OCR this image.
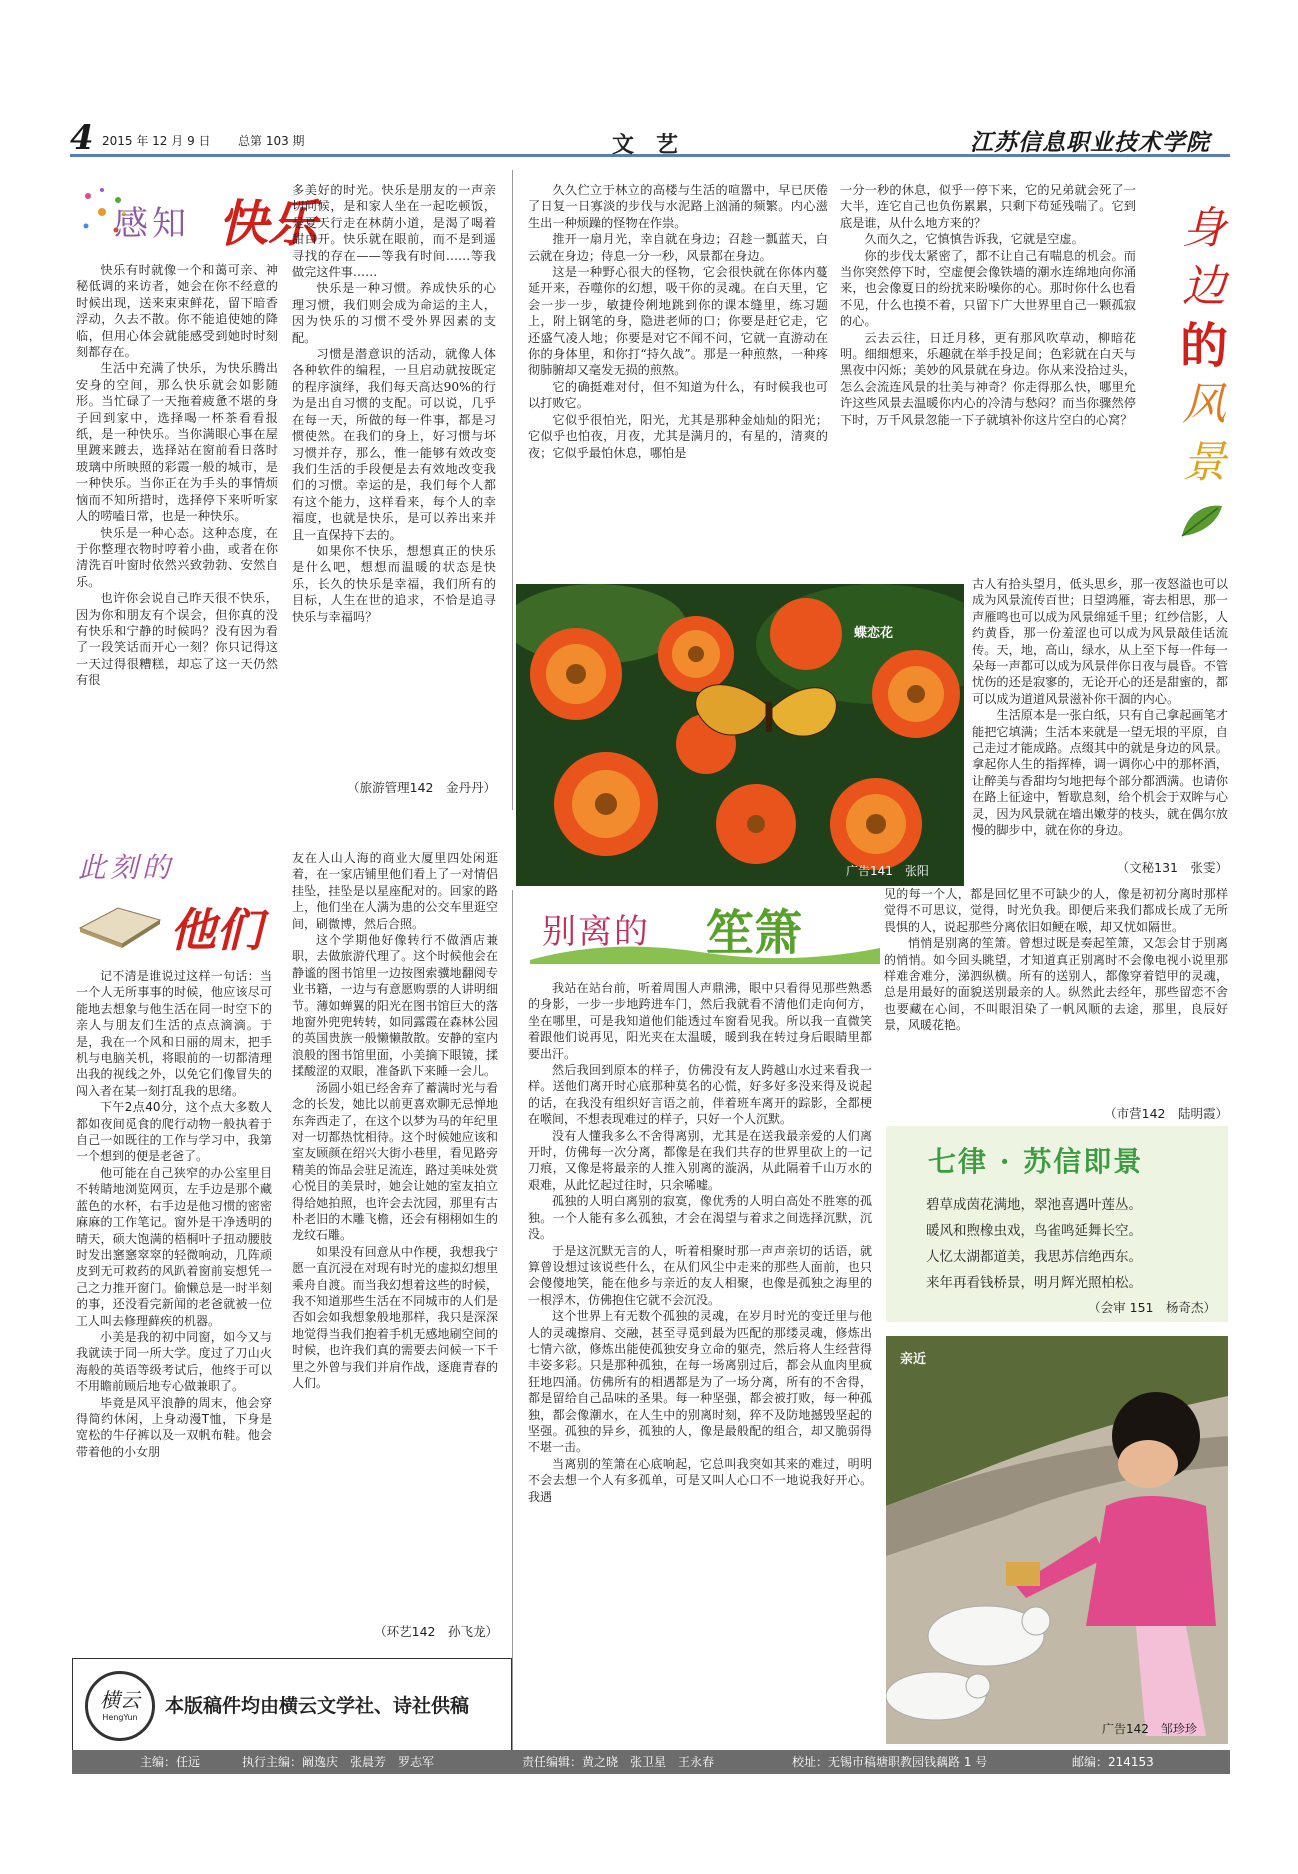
4 2015 年 12 月 9 日 总第 103 期	文　艺	江苏信息职业技术学院
感知 快乐

快乐有时就像一个和蔼可亲、神秘低调的来访者，她会在你不经意的时候出现，送来束束鲜花，留下暗香浮动，久去不散。你不能追使她的降临，但用心体会就能感受到她时时刻刻都存在。

生活中充满了快乐，为快乐腾出安身的空间，那么快乐就会如影随形。当忙碌了一天拖着疲惫不堪的身子回到家中，选择喝一杯茶看看报纸，是一种快乐。当你满眼心事在屋里踱来踱去，选择站在窗前看日落时玻璃中所映照的彩霞一般的城市，是一种快乐。当你正在为手头的事情烦恼而不知所措时，选择停下来听听家人的唠嗑日常，也是一种快乐。

快乐是一种心态。这种态度，在于你整理衣物时哼着小曲，或者在你清洗百叶窗时依然兴致勃勃、安然自乐。

也许你会说自己昨天很不快乐，因为你和朋友有个误会，但你真的没有快乐和宁静的时候吗？没有因为看了一段笑话而开心一刻？你只记得这一天过得很糟糕，却忘了这一天仍然有很

多美好的时光。快乐是朋友的一声亲切问候，是和家人坐在一起吃顿饭，是夏天行走在林荫小道，是渴了喝着甜白开。快乐就在眼前，而不是到遥寻找的存在——等我有时间……等我做完这件事……

快乐是一种习惯。养成快乐的心理习惯，我们则会成为命运的主人，因为快乐的习惯不受外界因素的支配。

习惯是潜意识的活动，就像人体各种软件的编程，一旦启动就按既定的程序演绎，我们每天高达90%的行为是出自习惯的支配。可以说，几乎在每一天，所做的每一件事，都是习惯使然。在我们的身上，好习惯与坏习惯并存，那么，惟一能够有效改变我们生活的手段便是去有效地改变我们的习惯。幸运的是，我们每个人都有这个能力，这样看来，每个人的幸福度，也就是快乐，是可以养出来并且一直保持下去的。

如果你不快乐，想想真正的快乐是什么吧，想想而温暖的状态是快乐，长久的快乐是幸福，我们所有的目标，人生在世的追求，不恰是追寻快乐与幸福吗？

（旅游管理142　金丹丹）

久久伫立于林立的高楼与生活的喧嚣中，早已厌倦了日复一日寡淡的步伐与水泥路上汹涌的频繁。内心滋生出一种烦躁的怪物在作祟。

推开一扇月光，幸自就在身边；召趁一瓢蓝天，白云就在身边；侍息一分一秒，风景都在身边。

这是一种野心很大的怪物，它会很快就在你体内蔓延开来，吞噬你的幻想，吸干你的灵魂。在白天里，它会一步一步，敏捷伶俐地跳到你的课本缝里，练习题上，附上钢笔的身，隐进老师的口；你要是赶它走，它还盛气凌人地；你要是对它不闻不问，它就一直游动在你的身体里，和你打“持久战”。那是一种煎熬，一种疼彻肺腑却又毫发无损的煎熬。

它的确挺难对付，但不知道为什么，有时候我也可以打败它。

它似乎很怕光，阳光，尤其是那种金灿灿的阳光；它似乎也怕夜，月夜，尤其是满月的，有星的，清爽的夜；它似乎最怕休息，哪怕是

一分一秒的休息，似乎一停下来，它的兄弟就会死了一大半，连它自己也负伤累累，只剩下苟延残喘了。它到底是谁，从什么地方来的？

久而久之，它慎慎告诉我，它就是空虚。

你的步伐太紧密了，都不让自己有喘息的机会。而当你突然停下时，空虚便会像铁墙的潮水连绵地向你涌来，也会像夏日的纷扰来盼噪你的心。那时你什么也看不见，什么也摸不着，只留下广大世界里自己一颗孤寂的心。

云去云往，日迁月移，更有那风吹草动，柳暗花明。细细想来，乐趣就在举手投足间；色彩就在白天与黑夜中闪烁；美妙的风景就在身边。你从来没拾过头，怎么会流连风景的壮美与神奇？你走得那么快，哪里允许这些风景去温暖你内心的冷清与愁闷？而当你骤然停下时，万千风景忽能一下子就填补你这片空白的心窝？

古人有拾头望月，低头思乡，那一夜怒溢也可以成为风景流传百世；日望鸿雁，寄去相思，那一声雁鸣也可以成为风景绵延千里；红纱信影，人约黄昏，那一份羞涩也可以成为风景敲佳话流传。天，地，高山，绿水，从上至下每一件每一朵每一声都可以成为风景伴你日夜与晨昏。不管忧伤的还是寂寥的，无论开心的还是甜蜜的，都可以成为道道风景滋补你干涸的内心。

生活原本是一张白纸，只有自己拿起画笔才能把它填满；生活本来就是一望无垠的平原，自己走过才能成路。点缀其中的就是身边的风景。拿起你人生的指挥棒，调一调你心中的那杯酒，让醉美与香甜均匀地把每个部分都洒满。也请你在路上征途中，暂歇息刻，给个机会于双眸与心灵，因为风景就在墙出嫩芽的枝头，就在偶尔放慢的脚步中，就在你的身边。

身
边
的
风
景
（文秘131　张雯）
蝶恋花
广告141　张阳
此刻的
他们

记不清是谁说过这样一句话：当一个人无所事事的时候，他应该尽可能地去想象与他生活在同一时空下的亲人与朋友们生活的点点滴滴。于是，我在一个风和日丽的周末，把手机与电脑关机，将眼前的一切都清理出我的视线之外，以免它们像冒失的闯入者在某一刻打乱我的思绪。

下午2点40分，这个点大多数人都如夜间觅食的爬行动物一般执着于自己一如既往的工作与学习中，我第一个想到的便是老爸了。

他可能在自己狭窄的办公室里目不转睛地浏览网页，左手边是那个藏蓝色的水杯，右手边是他习惯的密密麻麻的工作笔记。窗外是干净透明的晴天，硕大饱满的梧桐叶子扭动腰肢时发出窸窸窣窣的轻微响动，几阵顽皮到无可救药的风趴着窗前妄想凭一己之力推开窗门。偷懒总是一时半刻的事，还没看完新闻的老爸就被一位工人叫去修理藓疾的机器。

小美是我的初中同窗，如今又与我就读于同一所大学。度过了刀山火海般的英语等级考试后，他终于可以不用瞻前顾后地专心做兼职了。

毕竟是风平浪静的周末，他会穿得简约休闲，上身动漫T恤，下身是宽松的牛仔裤以及一双帆布鞋。他会带着他的小女朋

友在人山人海的商业大厦里四处闲逛着，在一家店铺里他们看上了一对情侣挂坠，挂坠是以星座配对的。回家的路上，他们坐在人满为患的公交车里逛空间，刷微博，然后合照。

这个学期他好像转行不做酒店兼职，去做旅游代理了。这个时候他会在静谧的图书馆里一边按图索骥地翻阅专业书籍，一边与有意愿购票的人讲明细节。薄如蝉翼的阳光在图书馆巨大的落地窗外兜兜转转，如同露霞在森林公园的英国贵族一般懒懒散散。安静的室内浪般的图书馆里面，小美摘下眼镜，揉揉酸涩的双眼，准备趴下来睡一会儿。

汤圆小姐已经舍弃了蓄满时光与看念的长发，她比以前更喜欢聊无忌惮地东奔西走了，在这个以梦为马的年纪里对一切都热忱相待。这个时候她应该和室友顾颜在绍兴大街小巷里，看见路旁精美的饰品会驻足流连，路过美味处赏心悦目的美景时，她会让她的室友拍立得给她拍照，也许会去沈园，那里有古朴老旧的木雕飞檐，还会有栩栩如生的龙纹石雕。

如果没有回意从中作梗，我想我宁愿一直沉浸在对现有时光的虚拟幻想里乘舟自渡。而当我幻想着这些的时候，我不知道那些生活在不同城市的人们是否如会如我想象般地那样，我只是深深地觉得当我们抱着手机无感地刷空间的时候，也许我们真的需要去问候一下千里之外曾与我们并肩作战，逐鹿青春的人们。

（环艺142　孙飞龙）
横云
HengYun
本版稿件均由横云文学社、诗社供稿
别离的 笙箫

我站在站台前，听着周围人声鼎沸，眼中只看得见那些熟悉的身影，一步一步地跨进车门，然后我就看不清他们走向何方，坐在哪里，可是我知道他们能透过车窗看见我。所以我一直微笑着跟他们说再见，阳光夹在太温暖，暖到我在转过身后眼睛里都要出汗。

然后我回到原本的样子，仿佛没有友人跨越山水过来看我一样。送他们离开时心底那种莫名的心慌，好多好多没来得及说起的话，在我没有组织好言语之前，伴着班车离开的踪影，全都梗在喉间，不想表现难过的样子，只好一个人沉默。

没有人懂我多么不舍得离别，尤其是在送我最亲爱的人们离开时，仿佛每一次分离，都像是在我们共存的世界里砍上的一记刀痕，又像是将最亲的人推入别离的漩涡，从此隔着千山万水的艰难，从此忆起过往时，只余唏嘘。

孤独的人明白离别的寂寞，像优秀的人明白高处不胜寒的孤独。一个人能有多么孤独，才会在渴望与着求之间选择沉默，沉没。

于是这沉默无言的人，听着相聚时那一声声亲切的话语，就算曾设想过该说些什么，在从们风尘中走来的那些人面前，也只会傻傻地笑，能在他乡与亲近的友人相聚，也像是孤独之海里的一根浮木，仿佛抱住它就不会沉没。

这个世界上有无数个孤独的灵魂，在岁月时光的变迁里与他人的灵魂擦肩、交融，甚至寻觅到最为匹配的那缕灵魂，修炼出七情六欲，修炼出能使孤独安身立命的躯壳，然后将人生经营得丰姿多彩。只是那种孤独，在每一场离别过后，都会从血肉里疯狂地四涌。仿佛所有的相遇都是为了一场分离，所有的不舍得，都是留给自己品味的圣果。每一种坚强，都会被打败，每一种孤独，都会像潮水，在人生中的别离时刻，猝不及防地撼毁坚起的坚强。孤独的异乡，孤独的人，像是最般配的组合，却又脆弱得不堪一击。

当离别的笙箫在心底响起，它总叫我突如其来的难过，明明不会去想一个人有多孤单，可是又叫人心口不一地说我好开心。我遇

见的每一个人，都是回忆里不可缺少的人，像是初初分离时那样觉得不可思议，觉得，时光负我。即便后来我们都成长成了无所畏惧的人，说起那些分离依旧如鲠在喉，却又忧如隔世。

悄悄是别离的笙箫。曾想过既是奏起笙箫，又怎会甘于别离的悄悄。如今回头眺望，才知道真正别离时不会像电视小说里那样难舍难分，涕泗纵横。所有的送别人，都像穿着铠甲的灵魂，总是用最好的面貌送别最亲的人。纵然此去经年，那些留恋不舍也要藏在心间，不叫眼泪染了一帆风顺的去途，那里，良辰好景，风暖花艳。

（市营142　陆明霞）
七律 · 苏信即景
碧草成茵花满地，翠池喜遇叶莲丛。
暖风和煦橡虫戏，鸟雀鸣延舞长空。
人忆太湖都道美，我思苏信绝西东。
来年再看钱桥景，明月辉光照柏松。
（会审 151　杨奇杰）
亲近
广告142　邹珍珍
主编：任远	执行主编：阚逸庆　张晨芳　罗志军	责任编辑：黄之晓　张卫星　王永春	校址：无锡市稿塘职教园钱藕路 1 号	邮编：214153
